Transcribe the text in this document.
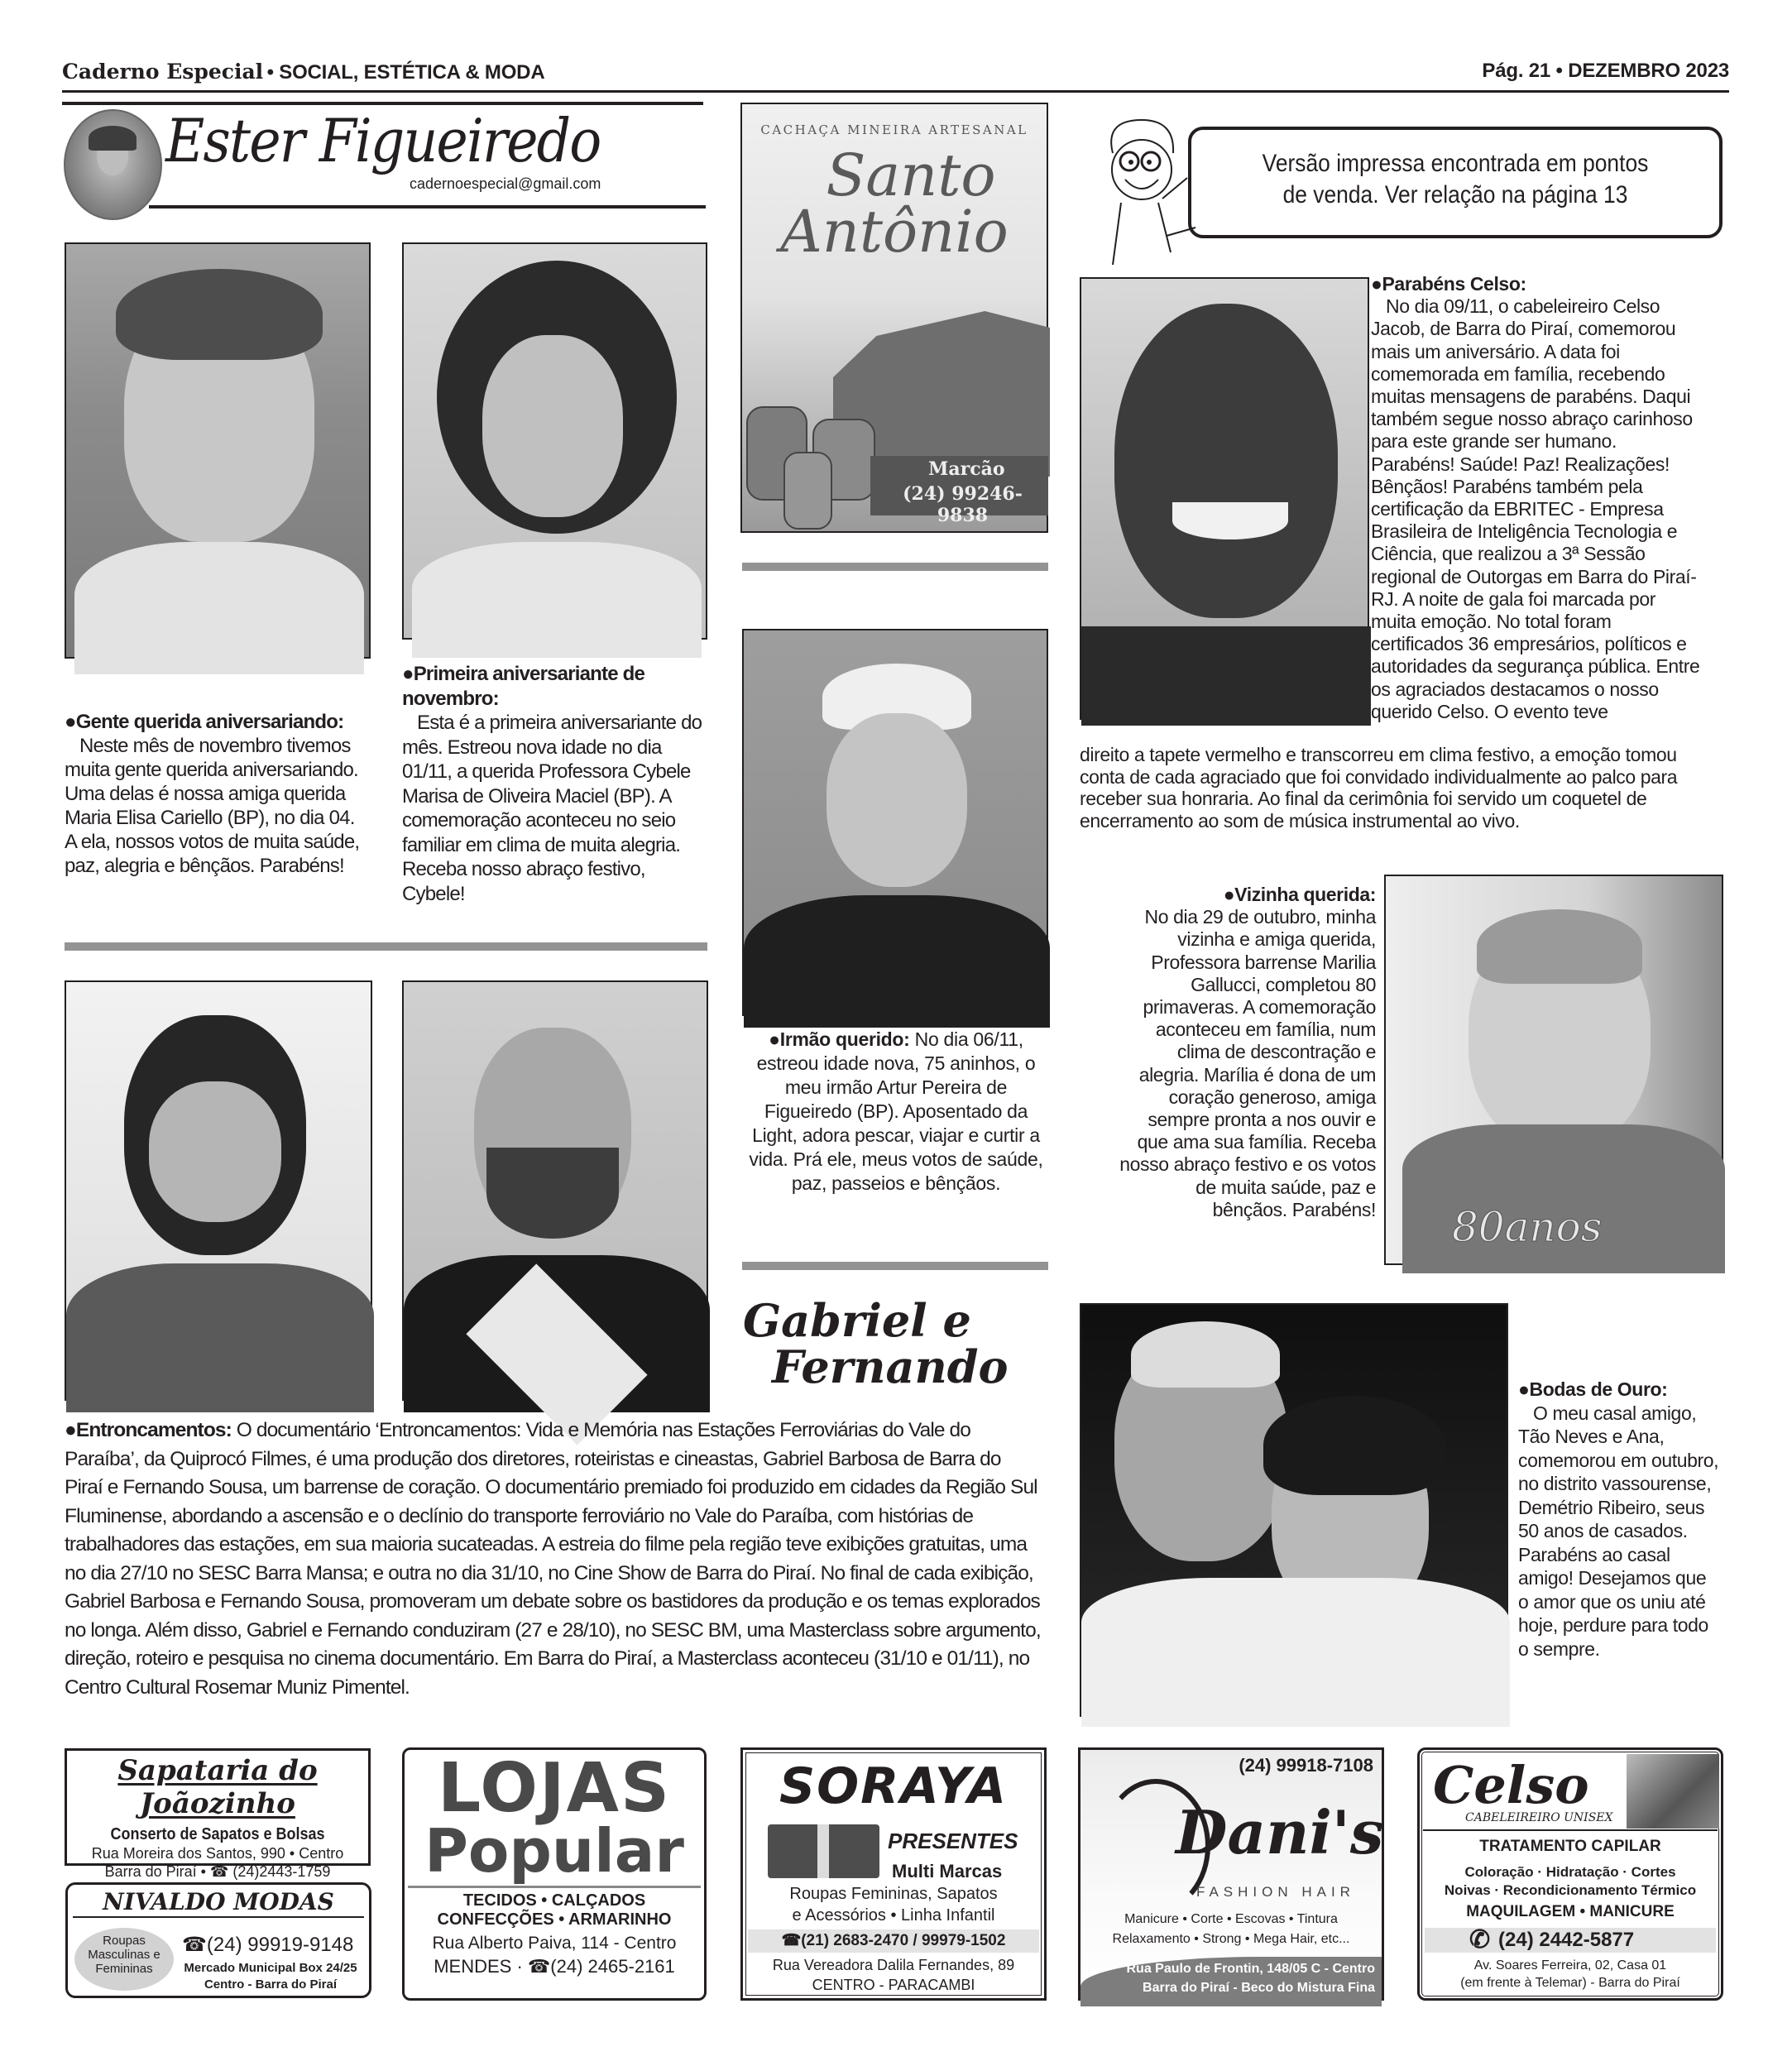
Caderno Especial • SOCIAL, ESTÉTICA & MODA	Pág. 21 • DEZEMBRO 2023
Ester Figueiredo
cadernoespecial@gmail.com
Versão impressa encontrada em pontos
de venda. Ver relação na página 13
●Gente querida aniversariando:

Neste mês de novembro tivemos muita gente querida aniversariando. Uma delas é nossa amiga querida Maria Elisa Cariello (BP), no dia 04. A ela, nossos votos de muita saúde, paz, alegria e bênçãos. Parabéns!
●Primeira aniversariante de novembro:
Esta é a primeira aniversariante do mês. Estreou nova idade no dia 01/11, a querida Professora Cybele Marisa de Oliveira Maciel (BP). A comemoração aconteceu no seio familiar em clima de muita alegria. Receba nosso abraço festivo, Cybele!
CACHAÇA MINEIRA ARTESANAL
Santo
Antônio
Marcão
(24) 99246-9838
●Irmão querido: No dia 06/11, estreou idade nova, 75 aninhos, o meu irmão Artur Pereira de Figueiredo (BP). Aposentado da Light, adora pescar, viajar e curtir a vida. Prá ele, meus votos de saúde, paz, passeios e bênçãos.
●Parabéns Celso:
No dia 09/11, o cabeleireiro Celso Jacob, de Barra do Piraí, comemorou mais um aniversário. A data foi comemorada em família, recebendo muitas mensagens de parabéns. Daqui também segue nosso abraço carinhoso para este grande ser humano. Parabéns! Saúde! Paz! Realizações! Bênçãos! Parabéns também pela certificação da EBRITEC - Empresa Brasileira de Inteligência Tecnologia e Ciência, que realizou a 3ª Sessão regional de Outorgas em Barra do Piraí-RJ. A noite de gala foi marcada por muita emoção. No total foram certificados 36 empresários, políticos e autoridades da segurança pública. Entre os agraciados destacamos o nosso querido Celso. O evento teve
direito a tapete vermelho e transcorreu em clima festivo, a emoção tomou conta de cada agraciado que foi convidado individualmente ao palco para receber sua honraria. Ao final da cerimônia foi servido um coquetel de encerramento ao som de música instrumental ao vivo.
●Vizinha querida:
No dia 29 de outubro, minha vizinha e amiga querida, Professora barrense Marilia Gallucci, completou 80 primaveras. A comemoração aconteceu em família, num clima de descontração e alegria. Marília é dona de um coração generoso, amiga sempre pronta a nos ouvir e que ama sua família. Receba nosso abraço festivo e os votos de muita saúde, paz e bênçãos. Parabéns! 80anos
Gabriel e
Fernando
●Entroncamentos: O documentário ‘Entroncamentos: Vida e Memória nas Estações Ferroviárias do Vale do Paraíba’, da Quiprocó Filmes, é uma produção dos diretores, roteiristas e cineastas, Gabriel Barbosa de Barra do Piraí e Fernando Sousa, um barrense de coração. O documentário premiado foi produzido em cidades da Região Sul Fluminense, abordando a ascensão e o declínio do transporte ferroviário no Vale do Paraíba, com histórias de trabalhadores das estações, em sua maioria sucateadas. A estreia do filme pela região teve exibições gratuitas, uma no dia 27/10 no SESC Barra Mansa; e outra no dia 31/10, no Cine Show de Barra do Piraí. No final de cada exibição, Gabriel Barbosa e Fernando Sousa, promoveram um debate sobre os bastidores da produção e os temas explorados no longa. Além disso, Gabriel e Fernando conduziram (27 e 28/10), no SESC BM, uma Masterclass sobre argumento, direção, roteiro e pesquisa no cinema documentário. Em Barra do Piraí, a Masterclass aconteceu (31/10 e 01/11), no Centro Cultural Rosemar Muniz Pimentel.
●Bodas de Ouro:
O meu casal amigo, Tão Neves e Ana, comemorou em outubro, no distrito vassourense, Demétrio Ribeiro, seus 50 anos de casados. Parabéns ao casal amigo! Desejamos que o amor que os uniu até hoje, perdure para todo o sempre.
Sapataria do Joãozinho
Conserto de Sapatos e Bolsas
Rua Moreira dos Santos, 990 • Centro
Barra do Piraí • ☎ (24)2443-1759
NIVALDO MODAS
Roupas
Masculinas e
Femininas
☎(24) 99919-9148
Mercado Municipal Box 24/25
Centro - Barra do Piraí
LOJAS
Popular
TECIDOS • CALÇADOS
CONFECÇÕES • ARMARINHO
Rua Alberto Paiva, 114 - Centro
MENDES · ☎(24) 2465-2161
SORAYA
PRESENTES
Multi Marcas
Roupas Femininas, Sapatos
e Acessórios • Linha Infantil
☎(21) 2683-2470 / 99979-1502
Rua Vereadora Dalila Fernandes, 89
CENTRO - PARACAMBI
(24) 99918-7108
Dani's
FASHION HAIR
Manicure • Corte • Escovas • Tintura
Relaxamento • Strong • Mega Hair, etc...
Rua Paulo de Frontin, 148/05 C - Centro
Barra do Piraí - Beco do Mistura Fina
Celso
CABELEIREIRO UNISEX
TRATAMENTO CAPILAR
Coloração · Hidratação · Cortes
Noivas · Recondicionamento Térmico
MAQUILAGEM • MANICURE
✆ (24) 2442-5877
Av. Soares Ferreira, 02, Casa 01
(em frente à Telemar) - Barra do Piraí
